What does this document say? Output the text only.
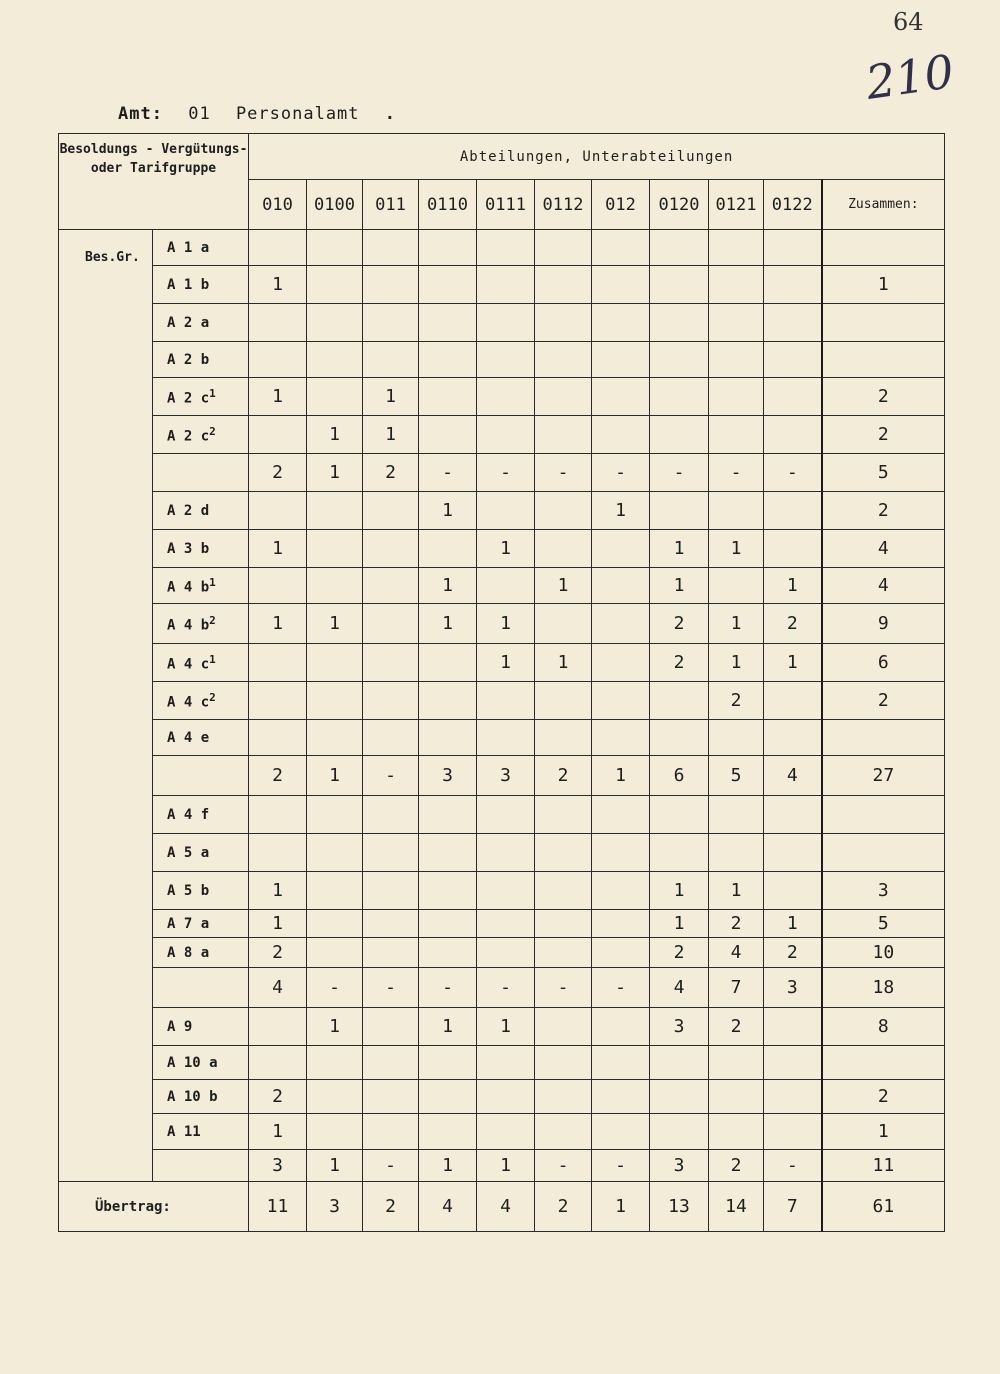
64
210
Amt: 01 Personalamt .
Besoldungs - Vergütungs-oder Tarifgruppe		Abteilungen, Unterabteilungen										
		010	0100	011	0110	0111	0112	012	0120	0121	0122	Zusammen:
Bes.Gr.	A 1 a											
	A 1 b	1										1
	A 2 a											
	A 2 b											
	A 2 $c^1$	1		1								2
	A 2 $c^2$		1	1								2
		2	1	2	-	-	-	-	-	-	-	5
	A 2 d				1			1				2
	A 3 b	1				1			1	1		4
	A 4 $b^1$				1		1		1		1	4
	A 4 $b^2$	1	1		1	1			2	1	2	9
	A 4 $c^1$					1	1		2	1	1	6
	A 4 $c^2$									2		2
	A 4 e											
		2	1	-	3	3	2	1	6	5	4	27
	A 4 f											
	A 5 a											
	A 5 b	1							1	1		3
	A 7 a	1							1	2	1	5
	A 8 a	2							2	4	2	10
		4	-	-	-	-	-	-	4	7	3	18
	A 9		1		1	1			3	2		8
	A 10 a											
	A 10 b	2										2
	A 11	1										1
		3	1	-	1	1	-	-	3	2	-	11
Übertrag:		11	3	2	4	4	2	1	13	14	7	61
